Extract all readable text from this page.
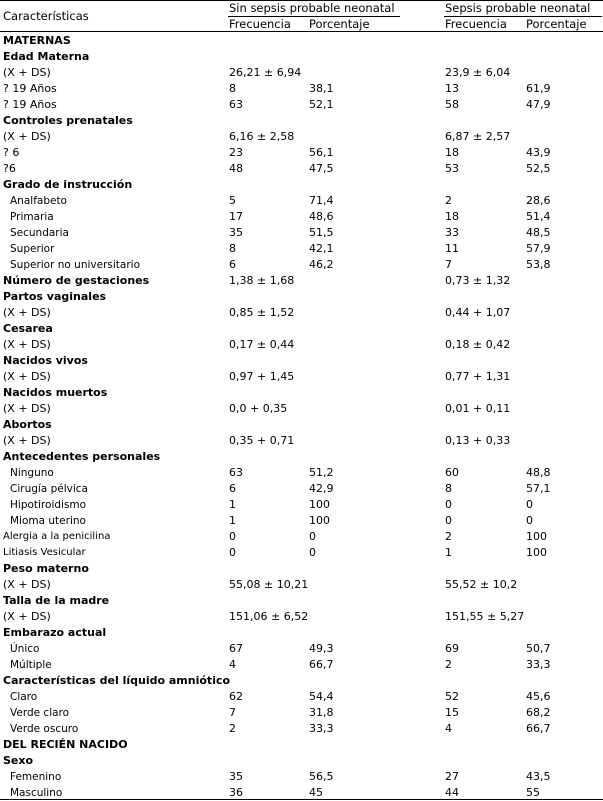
Características
Sin sepsis probable neonatal	Sepsis probable neonatal
Frecuencia Porcentaje	Frecuencia Porcentaje
MATERNAS
Edad Materna
(X + DS)	26,21 ± 6,94	23,9 ± 6,04
? 19 Años	8	38,1	13	61,9
? 19 Años	63	52,1	58	47,9
Controles prenatales
(X + DS)	6,16 ± 2,58	6,87 ± 2,57
? 6	23	56,1	18	43,9
?6	48	47,5	53	52,5
Grado de instrucción
Analfabeto	5	71,4	2	28,6
Primaria	17	48,6	18	51,4
Secundaria	35	51,5	33	48,5
Superior	8	42,1	11	57,9
Superior no universitario	6	46,2	7	53,8
Número de gestaciones	1,38 ± 1,68	0,73 ± 1,32
Partos vaginales
(X + DS)	0,85 ± 1,52	0,44 + 1,07
Cesarea
(X + DS)	0,17 ± 0,44	0,18 ± 0,42
Nacidos vivos
(X + DS)	0,97 + 1,45	0,77 + 1,31
Nacidos muertos
(X + DS)	0,0 + 0,35	0,01 + 0,11
Abortos
(X + DS)	0,35 + 0,71	0,13 + 0,33
Antecedentes personales
Ninguno	63	51,2	60	48,8
Cirugía pélvica	6	42,9	8	57,1
Hipotiroidismo	1	100	0	0
Mioma uterino	1	100	0	0
Alergia a la penicilina	0	0	2	100
Litiasis Vesicular	0	0	1	100
Peso materno
(X + DS)	55,08 ± 10,21	55,52 ± 10,2
Talla de la madre
(X + DS)	151,06 ± 6,52	151,55 ± 5,27
Embarazo actual
Único	67	49,3	69	50,7
Múltiple	4	66,7	2	33,3
Características del líquido amniótico
Claro	62	54,4	52	45,6
Verde claro	7	31,8	15	68,2
Verde oscuro	2	33,3	4	66,7
DEL RECIÉN NACIDO
Sexo
Femenino	35	56,5	27	43,5
Masculino	36	45	44	55
